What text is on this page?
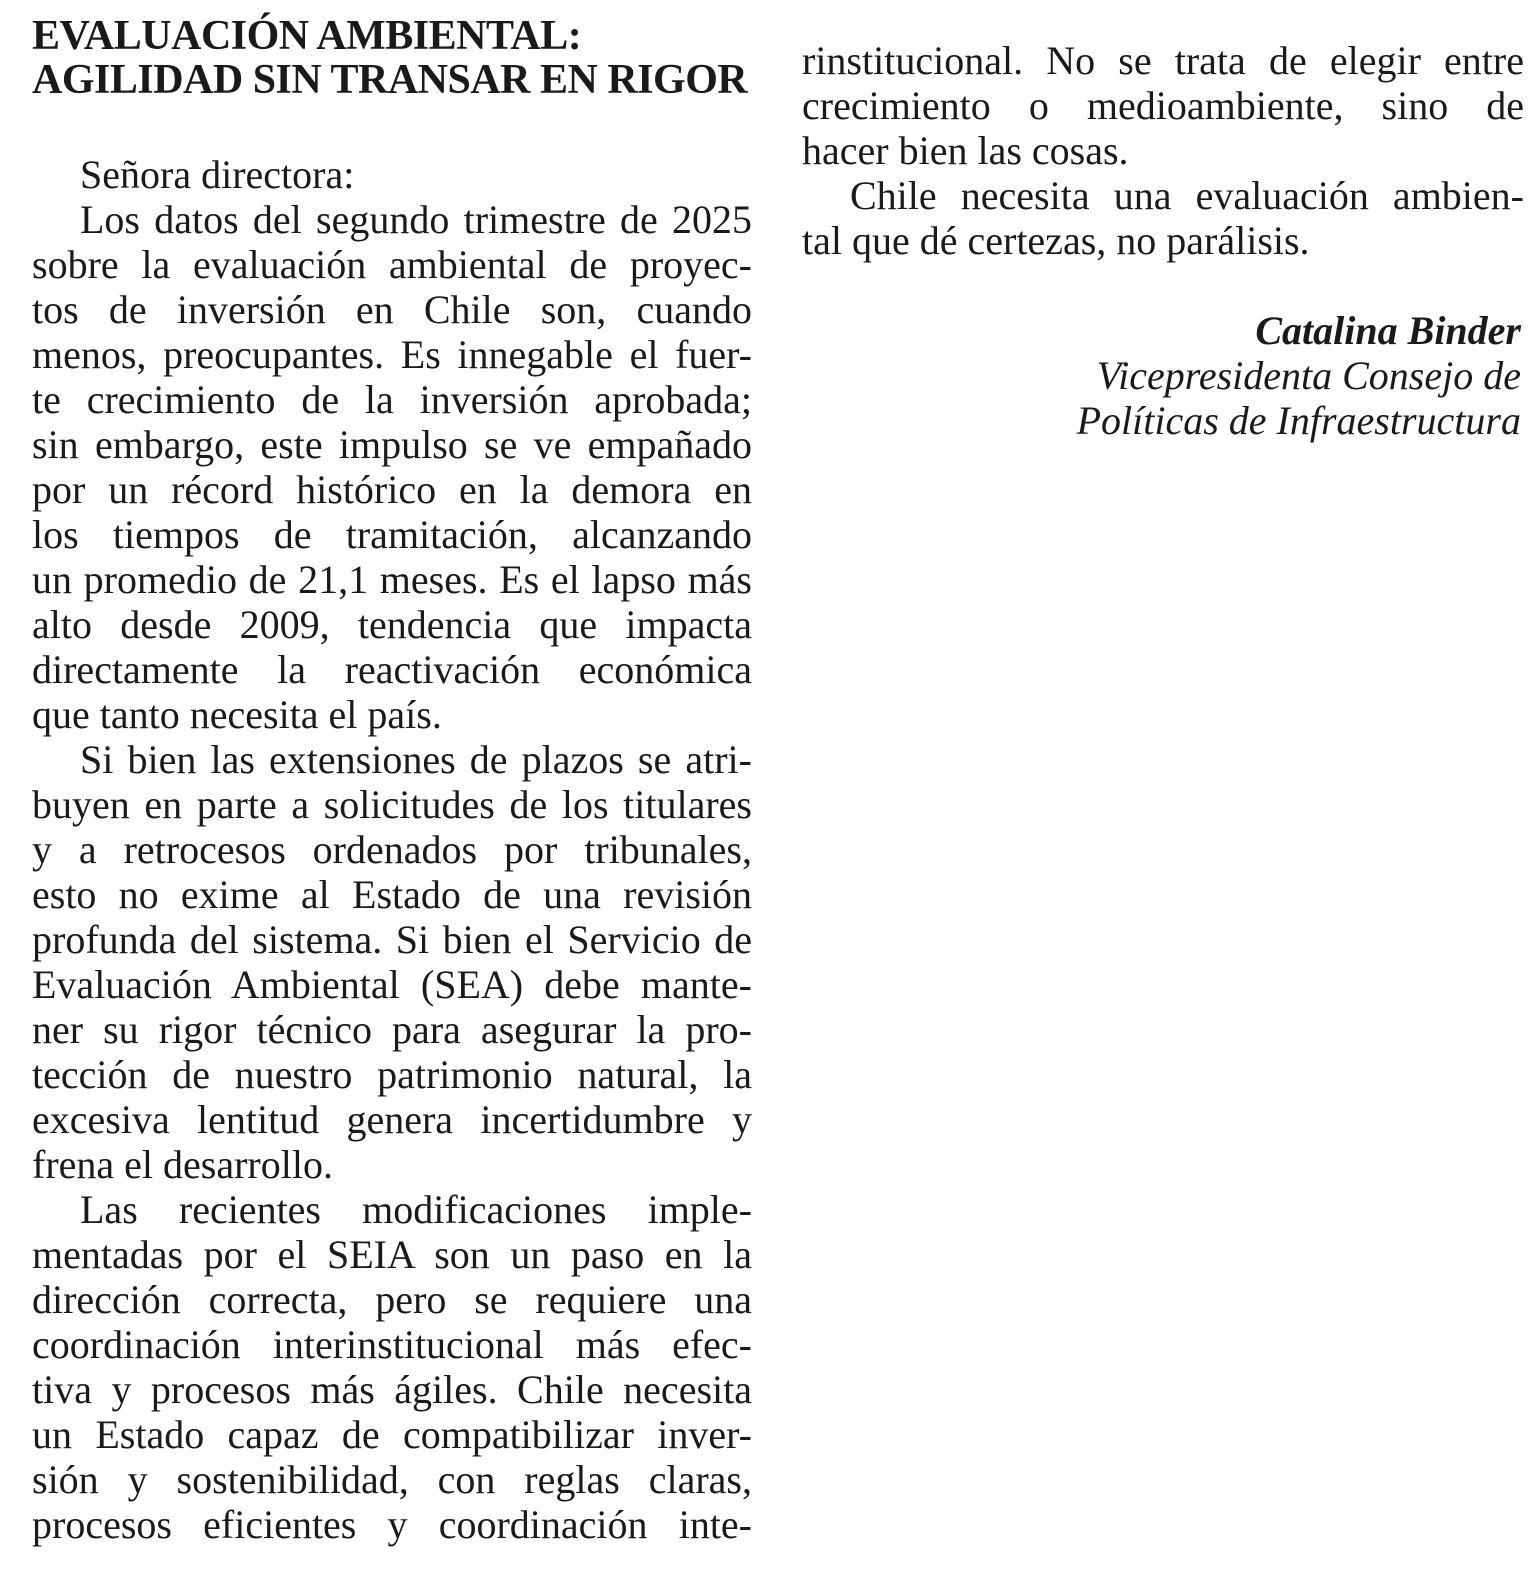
EVALUACIÓN AMBIENTAL:
AGILIDAD SIN TRANSAR EN RIGOR
Señora directora:
Los datos del segundo trimestre de 2025
sobre la evaluación ambiental de proyec-
tos de inversión en Chile son, cuando
menos, preocupantes. Es innegable el fuer-
te crecimiento de la inversión aprobada;
sin embargo, este impulso se ve empañado
por un récord histórico en la demora en
los tiempos de tramitación, alcanzando
un promedio de 21,1 meses. Es el lapso más
alto desde 2009, tendencia que impacta
directamente la reactivación económica
que tanto necesita el país.
Si bien las extensiones de plazos se atri-
buyen en parte a solicitudes de los titulares
y a retrocesos ordenados por tribunales,
esto no exime al Estado de una revisión
profunda del sistema. Si bien el Servicio de
Evaluación Ambiental (SEA) debe mante-
ner su rigor técnico para asegurar la pro-
tección de nuestro patrimonio natural, la
excesiva lentitud genera incertidumbre y
frena el desarrollo.
Las recientes modificaciones imple-
mentadas por el SEIA son un paso en la
dirección correcta, pero se requiere una
coordinación interinstitucional más efec-
tiva y procesos más ágiles. Chile necesita
un Estado capaz de compatibilizar inver-
sión y sostenibilidad, con reglas claras,
procesos eficientes y coordinación inte-
rinstitucional. No se trata de elegir entre
crecimiento o medioambiente, sino de
hacer bien las cosas.
Chile necesita una evaluación ambien-
tal que dé certezas, no parálisis.
Catalina Binder
Vicepresidenta Consejo de
Políticas de Infraestructura
